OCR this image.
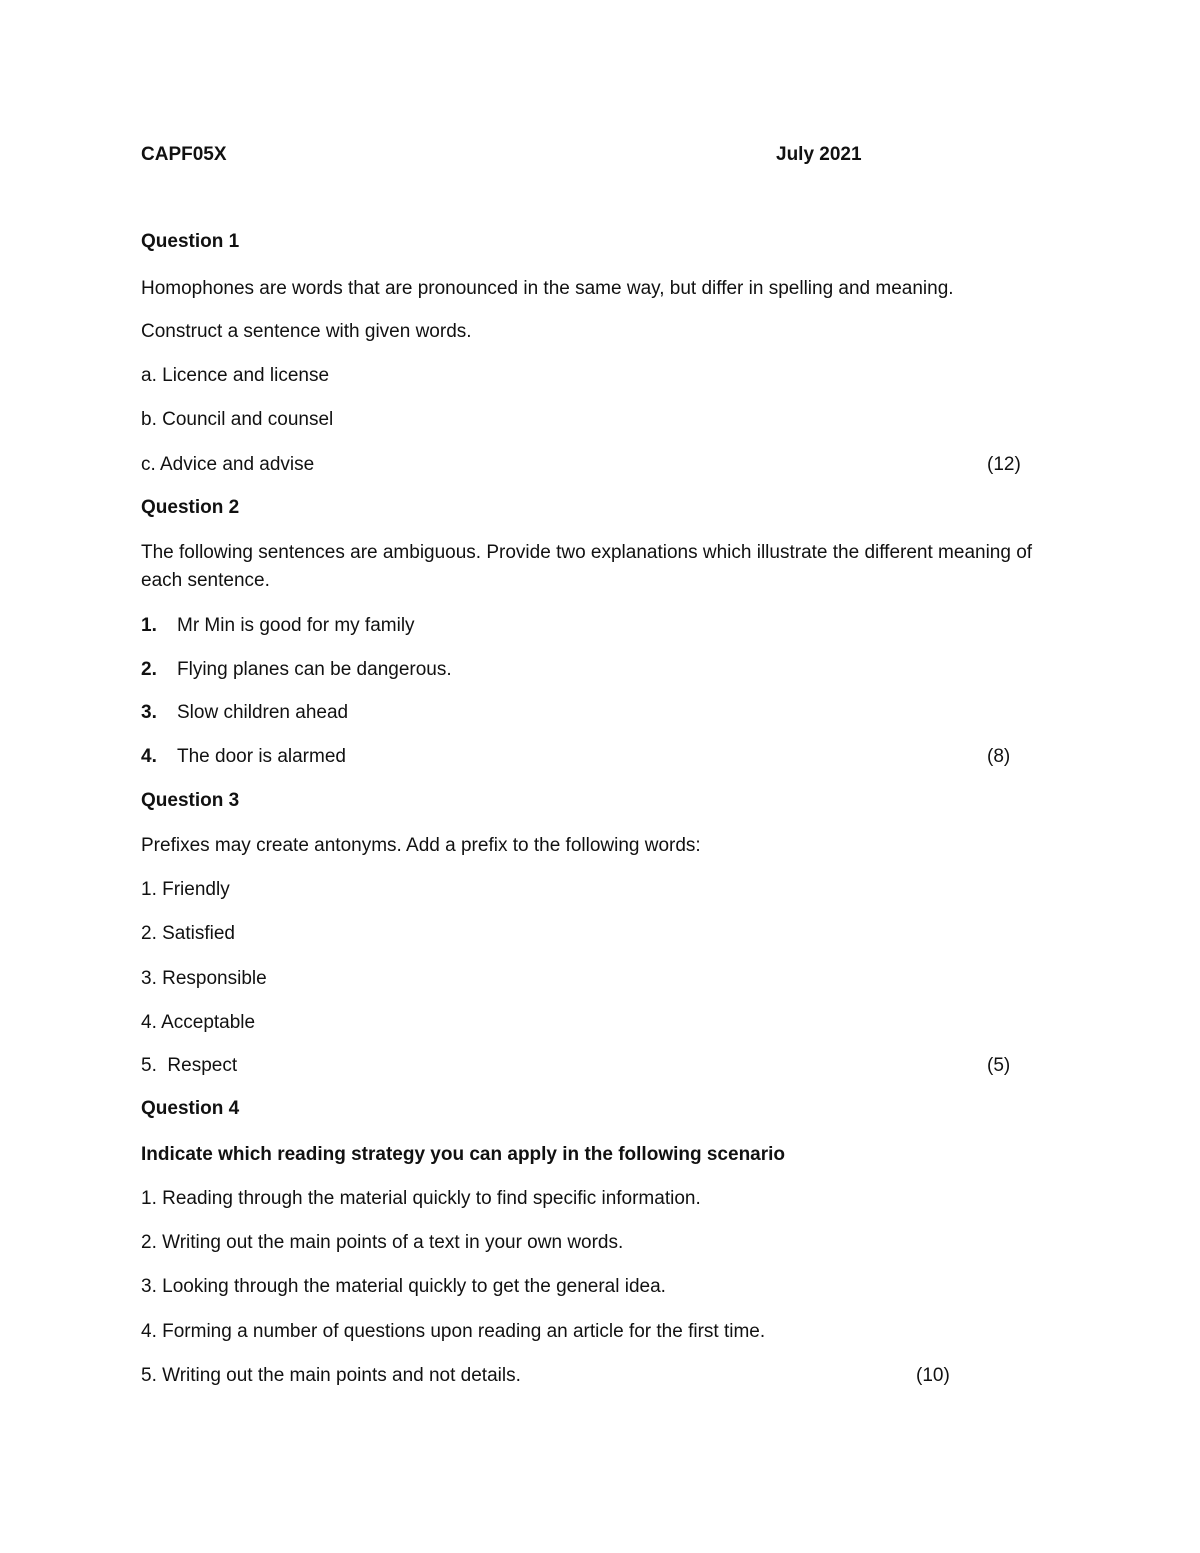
CAPF05X	July 2021
Question 1
Homophones are words that are pronounced in the same way, but differ in spelling and meaning.
Construct a sentence with given words.
a. Licence and license
b. Council and counsel
c. Advice and advise	(12)
Question 2
The following sentences are ambiguous. Provide two explanations which illustrate the different meaning of each sentence.
1. Mr Min is good for my family
2. Flying planes can be dangerous.
3. Slow children ahead
4. The door is alarmed	(8)
Question 3
Prefixes may create antonyms. Add a prefix to the following words:
1. Friendly
2. Satisfied
3. Responsible
4. Acceptable
5.  Respect	(5)
Question 4
Indicate which reading strategy you can apply in the following scenario
1. Reading through the material quickly to find specific information.
2. Writing out the main points of a text in your own words.
3. Looking through the material quickly to get the general idea.
4. Forming a number of questions upon reading an article for the first time.
5. Writing out the main points and not details.	(10)
